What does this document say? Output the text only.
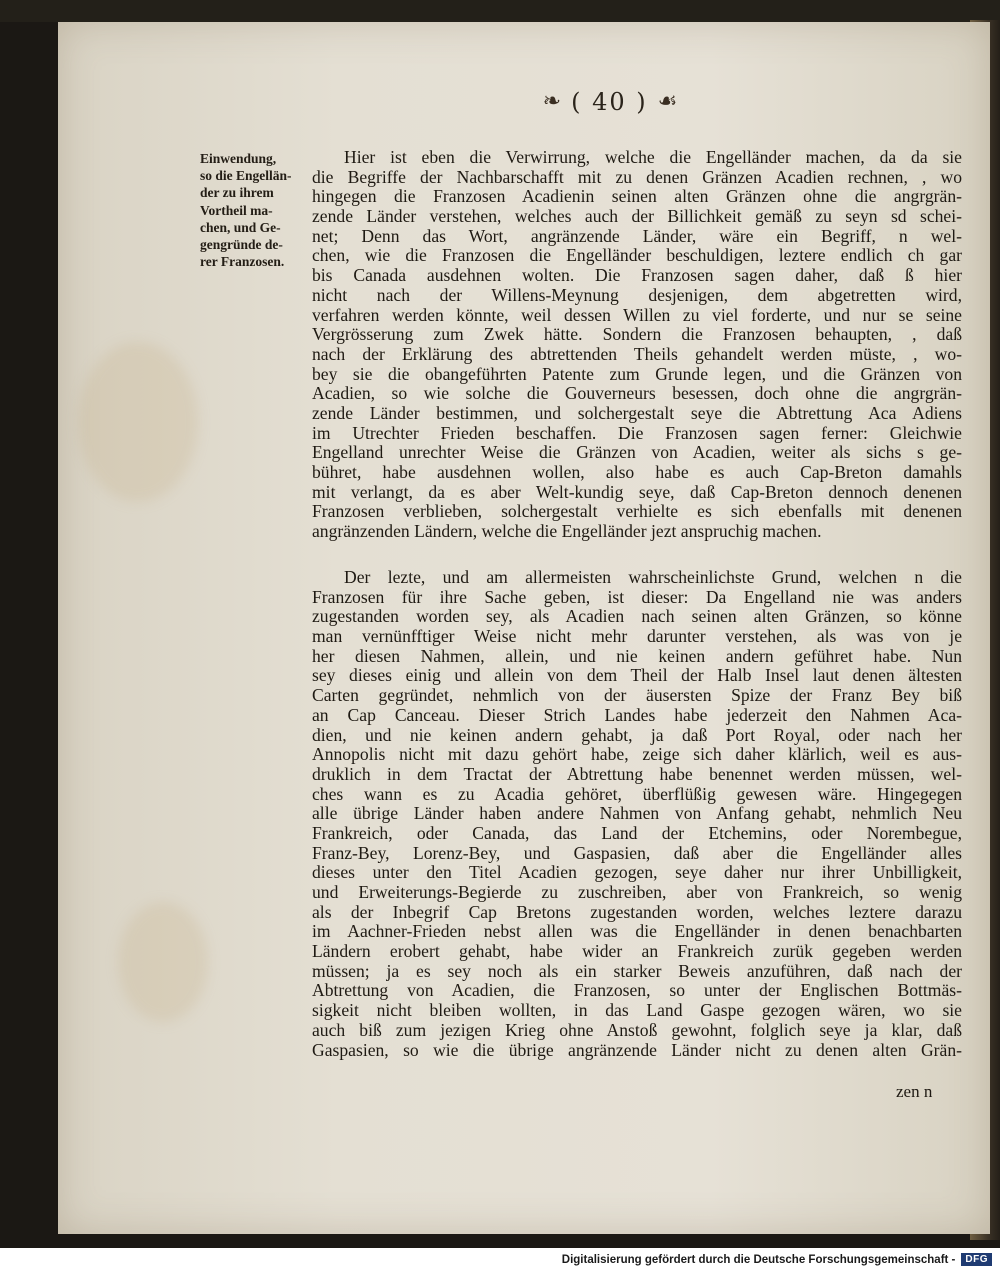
❧ ( 40 ) ☙
Einwendung,
so die Engellän-
der zu ihrem
Vortheil ma-
chen, und Ge-
gengründe de-
rer Franzosen.
Hier ist eben die Verwirrung, welche die Engelländer machen, da da sie
die Begriffe der Nachbarschafft mit zu denen Gränzen Acadien rechnen, , wo
hingegen die Franzosen Acadienin seinen alten Gränzen ohne die angrgrän-
zende Länder verstehen, welches auch der Billichkeit gemäß zu seyn sd schei-
net; Denn das Wort, angränzende Länder, wäre ein Begriff, n wel-
chen, wie die Franzosen die Engelländer beschuldigen, leztere endlich ch gar
bis Canada ausdehnen wolten. Die Franzosen sagen daher, daß ß hier
nicht nach der Willens-Meynung desjenigen, dem abgetretten wird,
verfahren werden könnte, weil dessen Willen zu viel forderte, und nur se seine
Vergrösserung zum Zwek hätte. Sondern die Franzosen behaupten, , daß
nach der Erklärung des abtrettenden Theils gehandelt werden müste, , wo-
bey sie die obangeführten Patente zum Grunde legen, und die Gränzen von
Acadien, so wie solche die Gouverneurs besessen, doch ohne die angrgrän-
zende Länder bestimmen, und solchergestalt seye die Abtrettung Aca Adiens
im Utrechter Frieden beschaffen. Die Franzosen sagen ferner: Gleichwie
Engelland unrechter Weise die Gränzen von Acadien, weiter als sichs s ge-
bühret, habe ausdehnen wollen, also habe es auch Cap-Breton damahls
mit verlangt, da es aber Welt-kundig seye, daß Cap-Breton dennoch denenen
Franzosen verblieben, solchergestalt verhielte es sich ebenfalls mit denenen
angränzenden Ländern, welche die Engelländer jezt anspruchig machen.
Der lezte, und am allermeisten wahrscheinlichste Grund, welchen n die
Franzosen für ihre Sache geben, ist dieser: Da Engelland nie was anders
zugestanden worden sey, als Acadien nach seinen alten Gränzen, so könne
man vernünfftiger Weise nicht mehr darunter verstehen, als was von je
her diesen Nahmen, allein, und nie keinen andern geführet habe. Nun
sey dieses einig und allein von dem Theil der Halb Insel laut denen ältesten
Carten gegründet, nehmlich von der äusersten Spize der Franz Bey biß
an Cap Canceau. Dieser Strich Landes habe jederzeit den Nahmen Aca-
dien, und nie keinen andern gehabt, ja daß Port Royal, oder nach her
Annopolis nicht mit dazu gehört habe, zeige sich daher klärlich, weil es aus-
druklich in dem Tractat der Abtrettung habe benennet werden müssen, wel-
ches wann es zu Acadia gehöret, überflüßig gewesen wäre. Hingegegen
alle übrige Länder haben andere Nahmen von Anfang gehabt, nehmlich Neu
Frankreich, oder Canada, das Land der Etchemins, oder Norembegue,
Franz-Bey, Lorenz-Bey, und Gaspasien, daß aber die Engelländer alles
dieses unter den Titel Acadien gezogen, seye daher nur ihrer Unbilligkeit,
und Erweiterungs-Begierde zu zuschreiben, aber von Frankreich, so wenig
als der Inbegrif Cap Bretons zugestanden worden, welches leztere darazu
im Aachner-Frieden nebst allen was die Engelländer in denen benachbarten
Ländern erobert gehabt, habe wider an Frankreich zurük gegeben werden
müssen; ja es sey noch als ein starker Beweis anzuführen, daß nach der
Abtrettung von Acadien, die Franzosen, so unter der Englischen Bottmäs-
sigkeit nicht bleiben wollten, in das Land Gaspe gezogen wären, wo sie
auch biß zum jezigen Krieg ohne Anstoß gewohnt, folglich seye ja klar, daß
Gaspasien, so wie die übrige angränzende Länder nicht zu denen alten Grän-
zen n
Digitalisierung gefördert durch die Deutsche Forschungsgemeinschaft -	DFG
